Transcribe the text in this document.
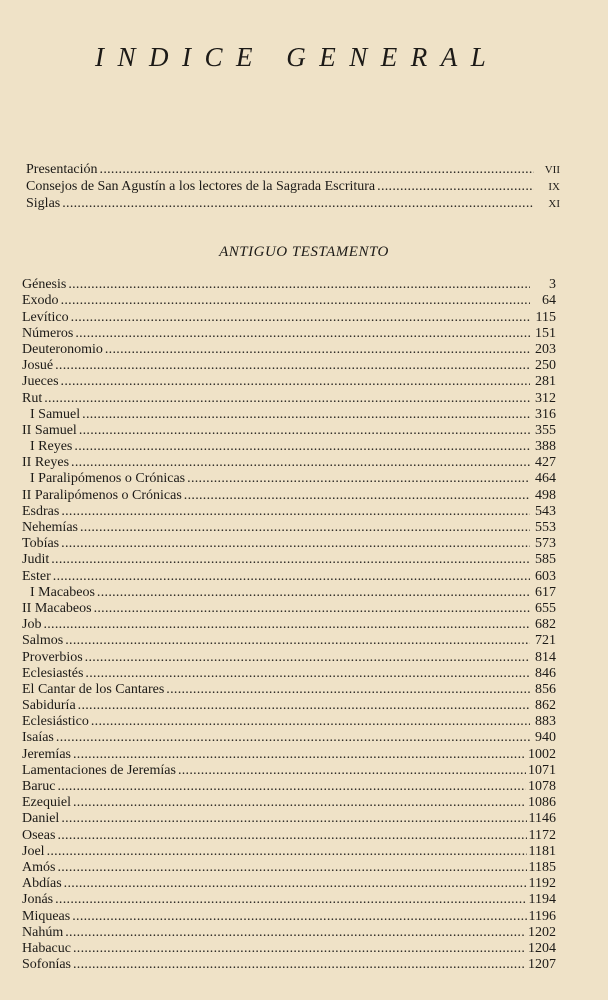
INDICE GENERAL
Presentación . . .	vii
Consejos de San Agustín a los lectores de la Sagrada Escritura . . .	ix
Siglas . . .	xi
ANTIGUO TESTAMENTO
Génesis . . .	3
Exodo . . .	64
Levítico . . .	115
Números . . .	151
Deuteronomio . . .	203
Josué . . .	250
Jueces . . .	281
Rut . . .	312
I Samuel . . .	316
II Samuel . . .	355
I Reyes . . .	388
II Reyes . . .	427
I Paralipómenos o Crónicas . . .	464
II Paralipómenos o Crónicas . . .	498
Esdras . . .	543
Nehemías . . .	553
Tobías . . .	573
Judit . . .	585
Ester . . .	603
I Macabeos . . .	617
II Macabeos . . .	655
Job . . .	682
Salmos . . .	721
Proverbios . . .	814
Eclesiastés . . .	846
El Cantar de los Cantares . . .	856
Sabiduría . . .	862
Eclesiástico . . .	883
Isaías . . .	940
Jeremías . . .	1002
Lamentaciones de Jeremías . . .	1071
Baruc . . .	1078
Ezequiel . . .	1086
Daniel . . .	1146
Oseas . . .	1172
Joel . . .	1181
Amós . . .	1185
Abdías . . .	1192
Jonás . . .	1194
Miqueas . . .	1196
Nahúm . . .	1202
Habacuc . . .	1204
Sofonías . . .	1207
